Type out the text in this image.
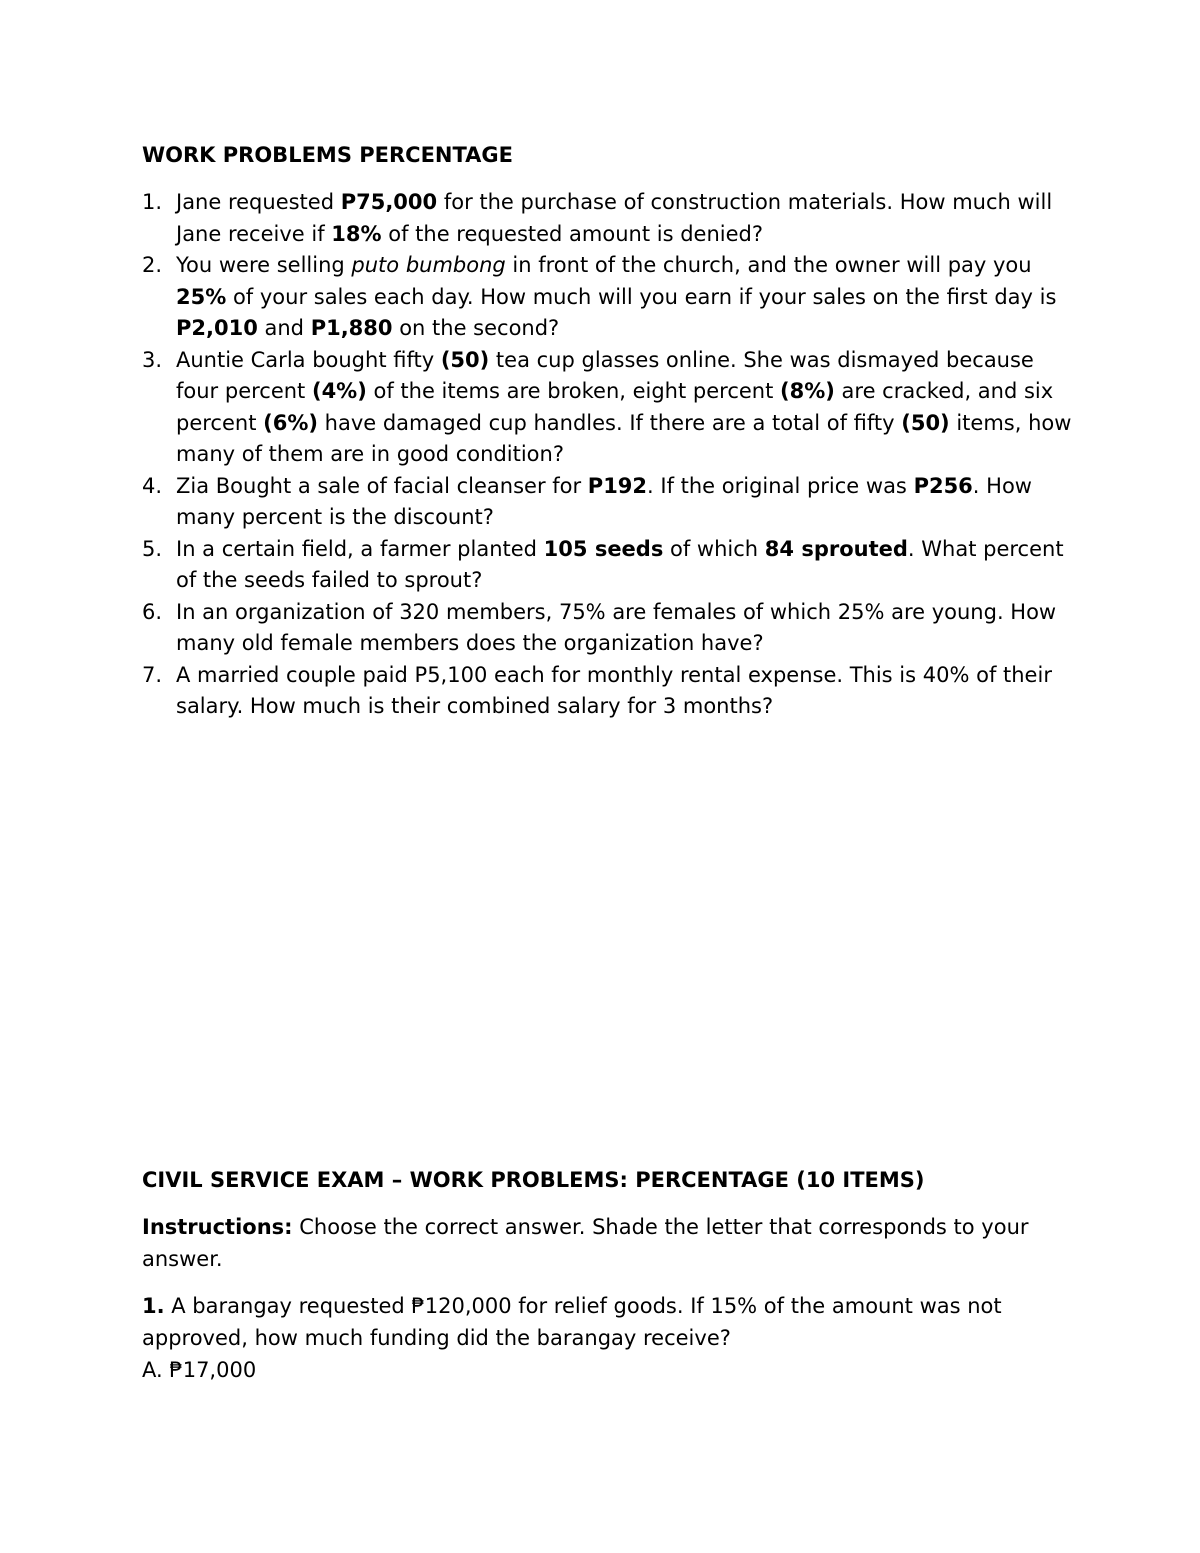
WORK PROBLEMS PERCENTAGE
1. Jane requested P75,000 for the purchase of construction materials. How much will Jane receive if 18% of the requested amount is denied?
2. You were selling puto bumbong in front of the church, and the owner will pay you 25% of your sales each day. How much will you earn if your sales on the first day is P2,010 and P1,880 on the second?
3. Auntie Carla bought fifty (50) tea cup glasses online. She was dismayed because four percent (4%) of the items are broken, eight percent (8%) are cracked, and six percent (6%) have damaged cup handles. If there are a total of fifty (50) items, how many of them are in good condition?
4. Zia Bought a sale of facial cleanser for P192. If the original price was P256. How many percent is the discount?
5. In a certain field, a farmer planted 105 seeds of which 84 sprouted. What percent of the seeds failed to sprout?
6. In an organization of 320 members, 75% are females of which 25% are young. How many old female members does the organization have?
7. A married couple paid P5,100 each for monthly rental expense. This is 40% of their salary. How much is their combined salary for 3 months?
CIVIL SERVICE EXAM – WORK PROBLEMS: PERCENTAGE (10 ITEMS)

Instructions: Choose the correct answer. Shade the letter that corresponds to your answer.

1. A barangay requested ₱120,000 for relief goods. If 15% of the amount was not approved, how much funding did the barangay receive?

A. ₱17,000
